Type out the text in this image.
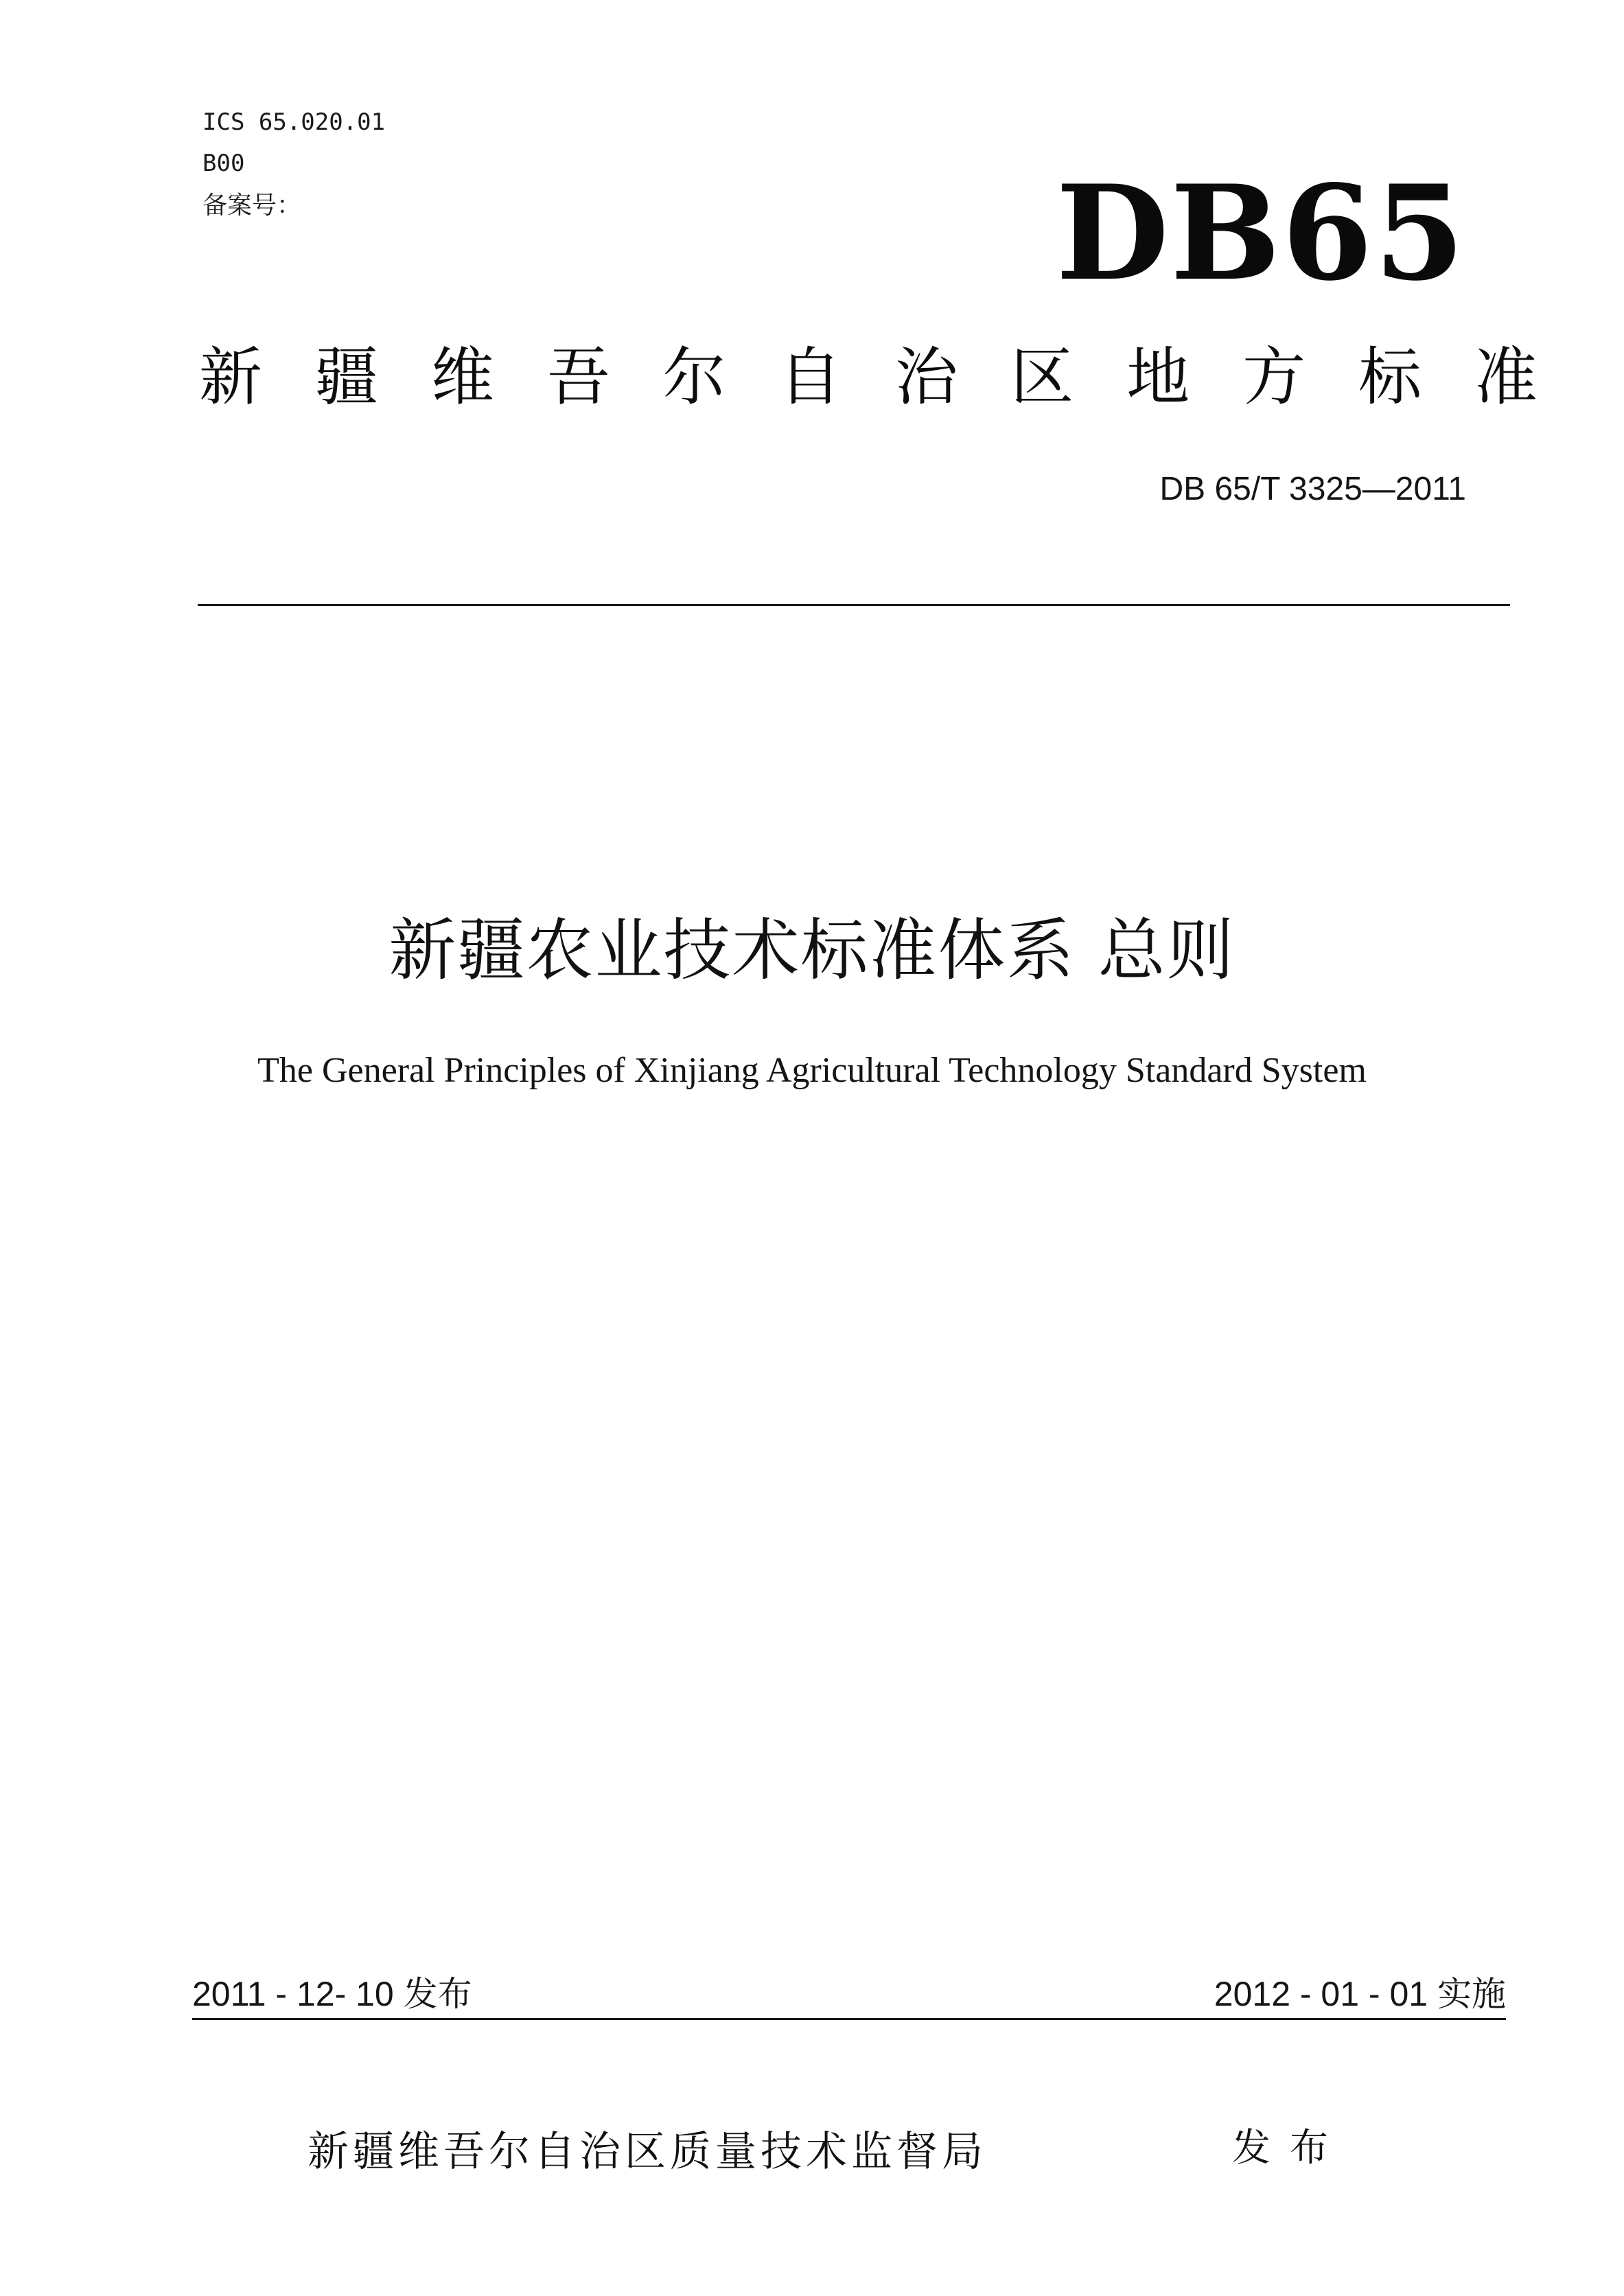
ICS 65.020.01
B00
备案号：	DB65
新 疆 维 吾 尔 自 治 区 地 方 标 准
DB 65/T 3325—2011
新疆农业技术标准体系 总则
The General Principles of Xinjiang Agricultural Technology Standard System
2011 - 12- 10 发布	2012 - 01 - 01 实施
新疆维吾尔自治区质量技术监督局	发布
